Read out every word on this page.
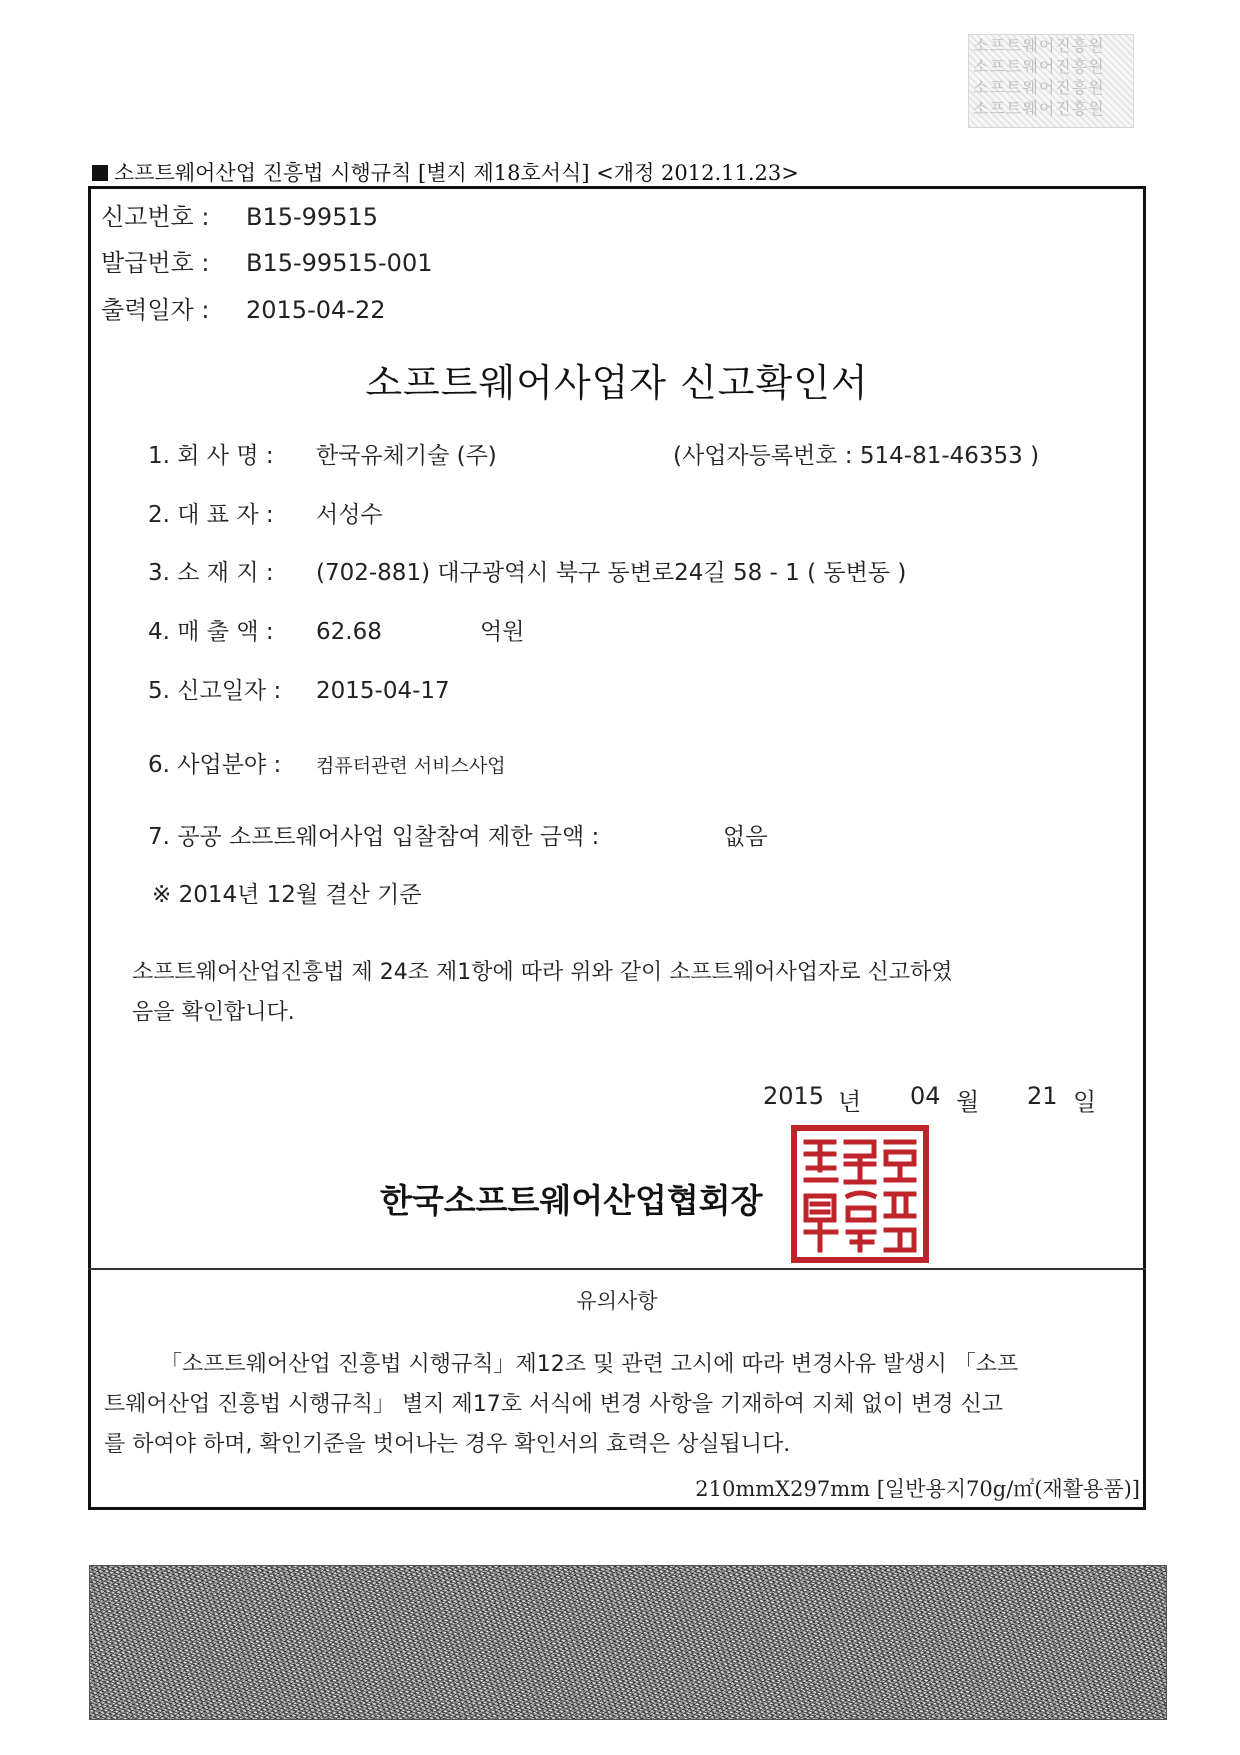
소프트웨어진흥원
소프트웨어진흥원
소프트웨어진흥원
소프트웨어진흥원
소프트웨어산업 진흥법 시행규칙 [별지 제18호서식] <개정 2012.11.23>
신고번호 : B15-99515
발급번호 : B15-99515-001
출력일자 : 2015-04-22
소프트웨어사업자 신고확인서
1. 회 사 명 : 한국유체기술 (주)	(사업자등록번호 : 514-81-46353 )
2. 대 표 자 : 서성수
3. 소 재 지 : (702-881) 대구광역시 북구 동변로24길 58 - 1 ( 동변동 )
4. 매 출 액 : 62.68	억원
5. 신고일자 : 2015-04-17
6. 사업분야 : 컴퓨터관련 서비스사업
7. 공공 소프트웨어사업 입찰참여 제한 금액 :	없음
※ 2014년 12월 결산 기준
소프트웨어산업진흥법 제 24조 제1항에 따라 위와 같이 소프트웨어사업자로 신고하였
음을 확인합니다.
2015 년 04 월 21 일
한국소프트웨어산업협회장
유의사항
「소프트웨어산업 진흥법 시행규칙」제12조 및 관련 고시에 따라 변경사유 발생시 「소프
트웨어산업 진흥법 시행규칙」 별지 제17호 서식에 변경 사항을 기재하여 지체 없이 변경 신고
를 하여야 하며, 확인기준을 벗어나는 경우 확인서의 효력은 상실됩니다.
210mmX297mm [일반용지70g/㎡(재활용품)]
